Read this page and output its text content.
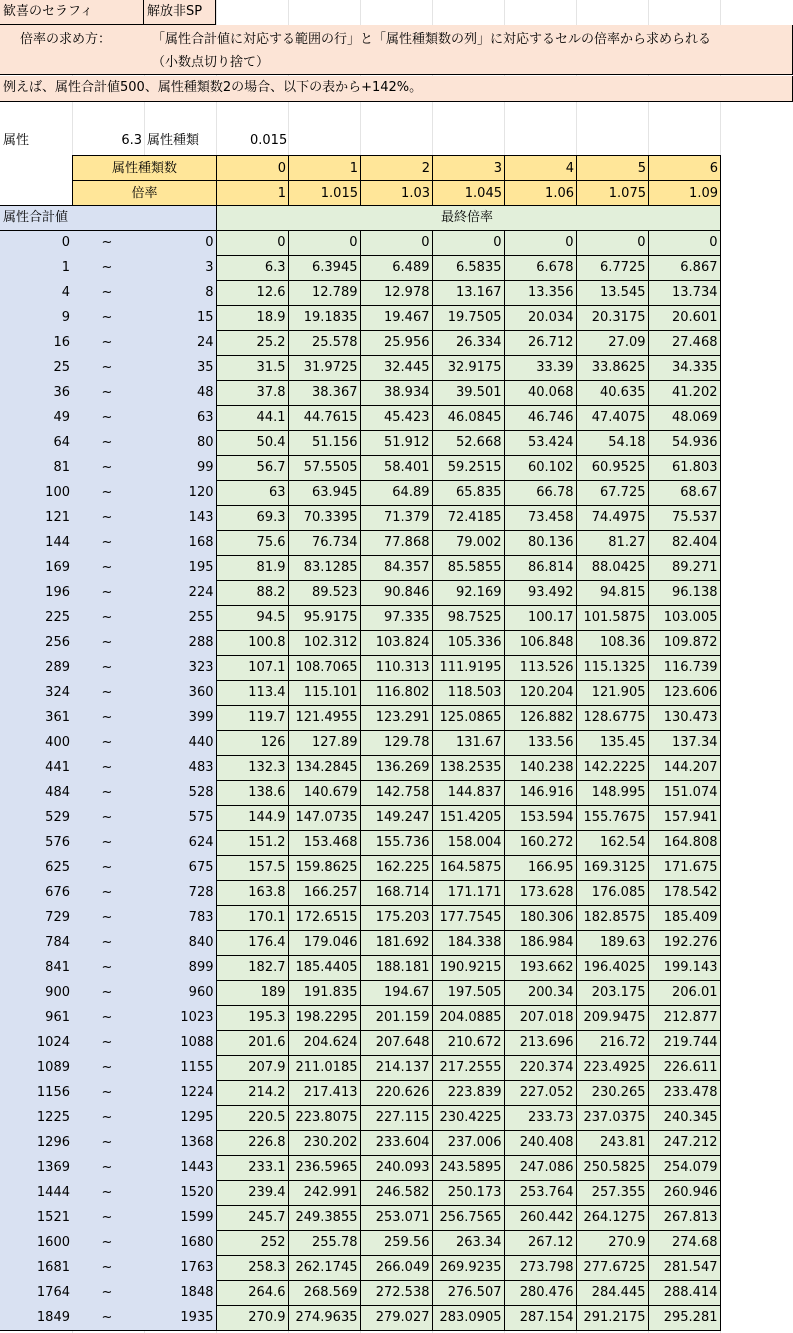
歓喜のセラフィ	解放非SP
倍率の求め方：	「属性合計値に対応する範囲の行」と「属性種類数の列」に対応するセルの倍率から求められる
（小数点切り捨て）
例えば、属性合計値500、属性種類数2の場合、以下の表から+142%。
属性	6.3 属性種類	0.015
属性種類数	0	1	2	3	4	5	6
倍率	1	1.015	1.03	1.045	1.06	1.075	1.09
属性合計値			最終倍率						
0	~	0	0	0	0	0	0	0	0
1	~	3	6.3	6.3945	6.489	6.5835	6.678	6.7725	6.867
4	~	8	12.6	12.789	12.978	13.167	13.356	13.545	13.734
9	~	15	18.9	19.1835	19.467	19.7505	20.034	20.3175	20.601
16	~	24	25.2	25.578	25.956	26.334	26.712	27.09	27.468
25	~	35	31.5	31.9725	32.445	32.9175	33.39	33.8625	34.335
36	~	48	37.8	38.367	38.934	39.501	40.068	40.635	41.202
49	~	63	44.1	44.7615	45.423	46.0845	46.746	47.4075	48.069
64	~	80	50.4	51.156	51.912	52.668	53.424	54.18	54.936
81	~	99	56.7	57.5505	58.401	59.2515	60.102	60.9525	61.803
100	~	120	63	63.945	64.89	65.835	66.78	67.725	68.67
121	~	143	69.3	70.3395	71.379	72.4185	73.458	74.4975	75.537
144	~	168	75.6	76.734	77.868	79.002	80.136	81.27	82.404
169	~	195	81.9	83.1285	84.357	85.5855	86.814	88.0425	89.271
196	~	224	88.2	89.523	90.846	92.169	93.492	94.815	96.138
225	~	255	94.5	95.9175	97.335	98.7525	100.17	101.5875	103.005
256	~	288	100.8	102.312	103.824	105.336	106.848	108.36	109.872
289	~	323	107.1	108.7065	110.313	111.9195	113.526	115.1325	116.739
324	~	360	113.4	115.101	116.802	118.503	120.204	121.905	123.606
361	~	399	119.7	121.4955	123.291	125.0865	126.882	128.6775	130.473
400	~	440	126	127.89	129.78	131.67	133.56	135.45	137.34
441	~	483	132.3	134.2845	136.269	138.2535	140.238	142.2225	144.207
484	~	528	138.6	140.679	142.758	144.837	146.916	148.995	151.074
529	~	575	144.9	147.0735	149.247	151.4205	153.594	155.7675	157.941
576	~	624	151.2	153.468	155.736	158.004	160.272	162.54	164.808
625	~	675	157.5	159.8625	162.225	164.5875	166.95	169.3125	171.675
676	~	728	163.8	166.257	168.714	171.171	173.628	176.085	178.542
729	~	783	170.1	172.6515	175.203	177.7545	180.306	182.8575	185.409
784	~	840	176.4	179.046	181.692	184.338	186.984	189.63	192.276
841	~	899	182.7	185.4405	188.181	190.9215	193.662	196.4025	199.143
900	~	960	189	191.835	194.67	197.505	200.34	203.175	206.01
961	~	1023	195.3	198.2295	201.159	204.0885	207.018	209.9475	212.877
1024	~	1088	201.6	204.624	207.648	210.672	213.696	216.72	219.744
1089	~	1155	207.9	211.0185	214.137	217.2555	220.374	223.4925	226.611
1156	~	1224	214.2	217.413	220.626	223.839	227.052	230.265	233.478
1225	~	1295	220.5	223.8075	227.115	230.4225	233.73	237.0375	240.345
1296	~	1368	226.8	230.202	233.604	237.006	240.408	243.81	247.212
1369	~	1443	233.1	236.5965	240.093	243.5895	247.086	250.5825	254.079
1444	~	1520	239.4	242.991	246.582	250.173	253.764	257.355	260.946
1521	~	1599	245.7	249.3855	253.071	256.7565	260.442	264.1275	267.813
1600	~	1680	252	255.78	259.56	263.34	267.12	270.9	274.68
1681	~	1763	258.3	262.1745	266.049	269.9235	273.798	277.6725	281.547
1764	~	1848	264.6	268.569	272.538	276.507	280.476	284.445	288.414
1849	~	1935	270.9	274.9635	279.027	283.0905	287.154	291.2175	295.281
